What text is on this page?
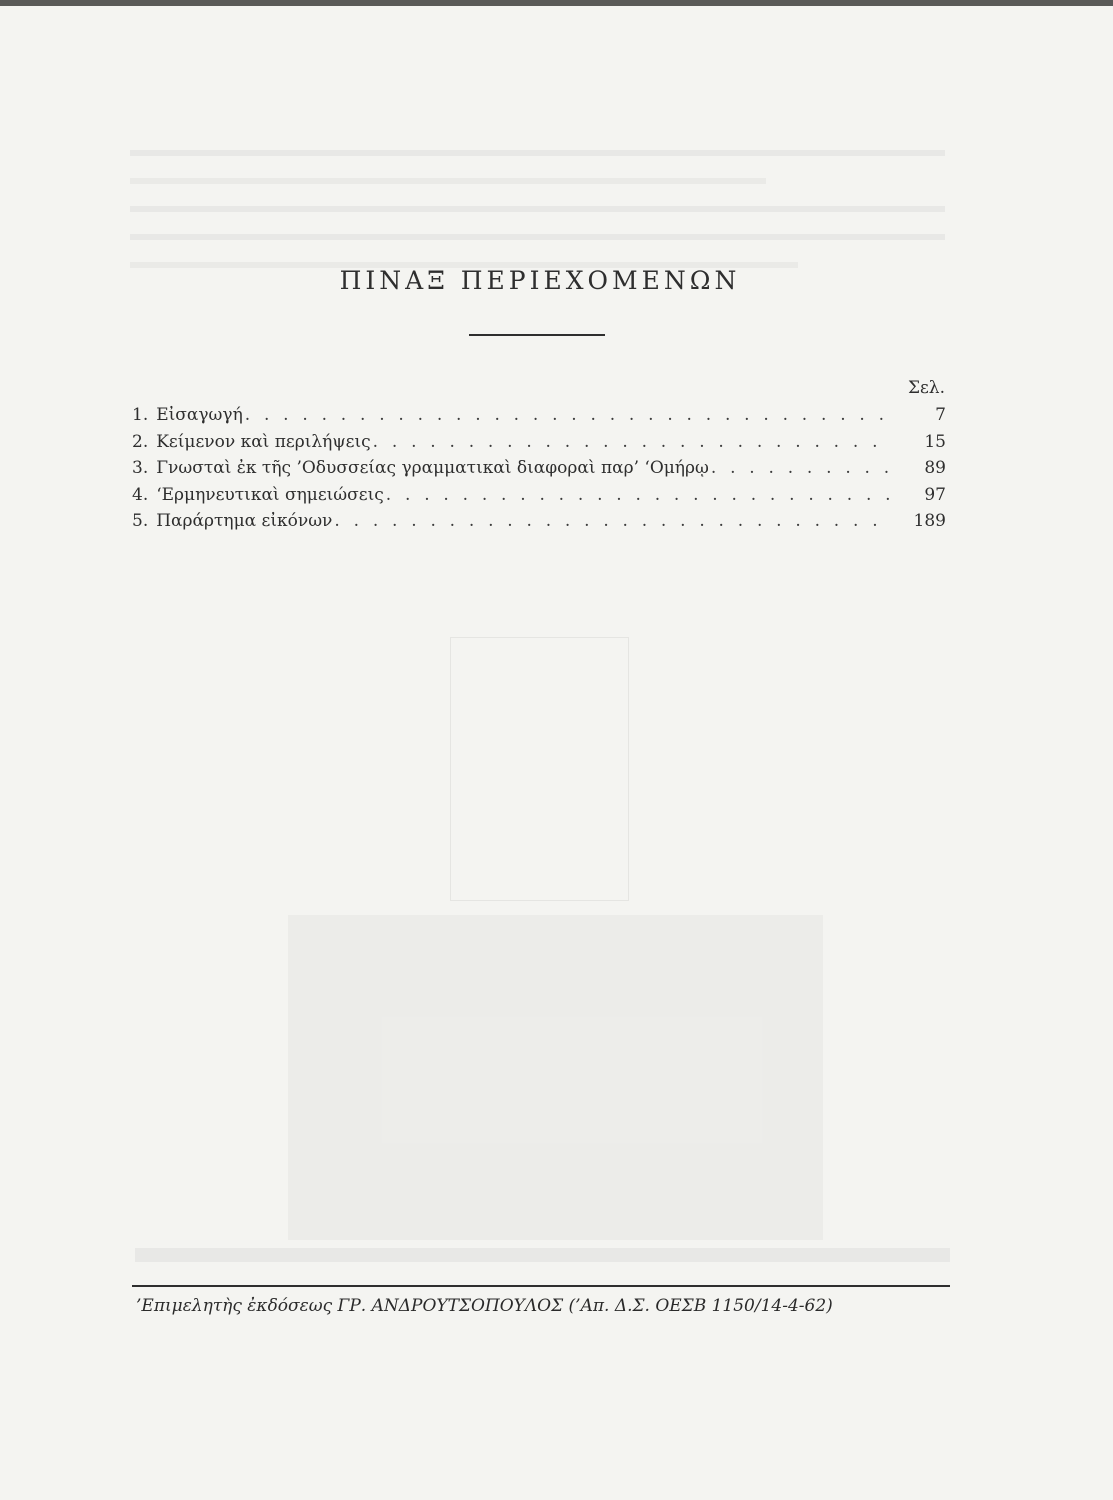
ΠΙΝΑΞ ΠΕΡΙΕΧΟΜΕΝΩΝ
Σελ.
1. Εἰσαγωγή . . .	7
2. Κείμενον καὶ περιλήψεις . . .	15
3. Γνωσταὶ ἐκ τῆς ’Οδυσσείας γραμματικαὶ διαφοραὶ παρ’ ‘Ομήρῳ . . .	89
4. ‘Ερμηνευτικαὶ σημειώσεις . . .	97
5. Παράρτημα εἰκόνων . . .	189
’Επιμελητὴς ἐκδόσεως ΓΡ. ΑΝΔΡΟΥΤΣΟΠΟΥΛΟΣ (’Απ. Δ.Σ. ΟΕΣΒ 1150/14-4-62)
